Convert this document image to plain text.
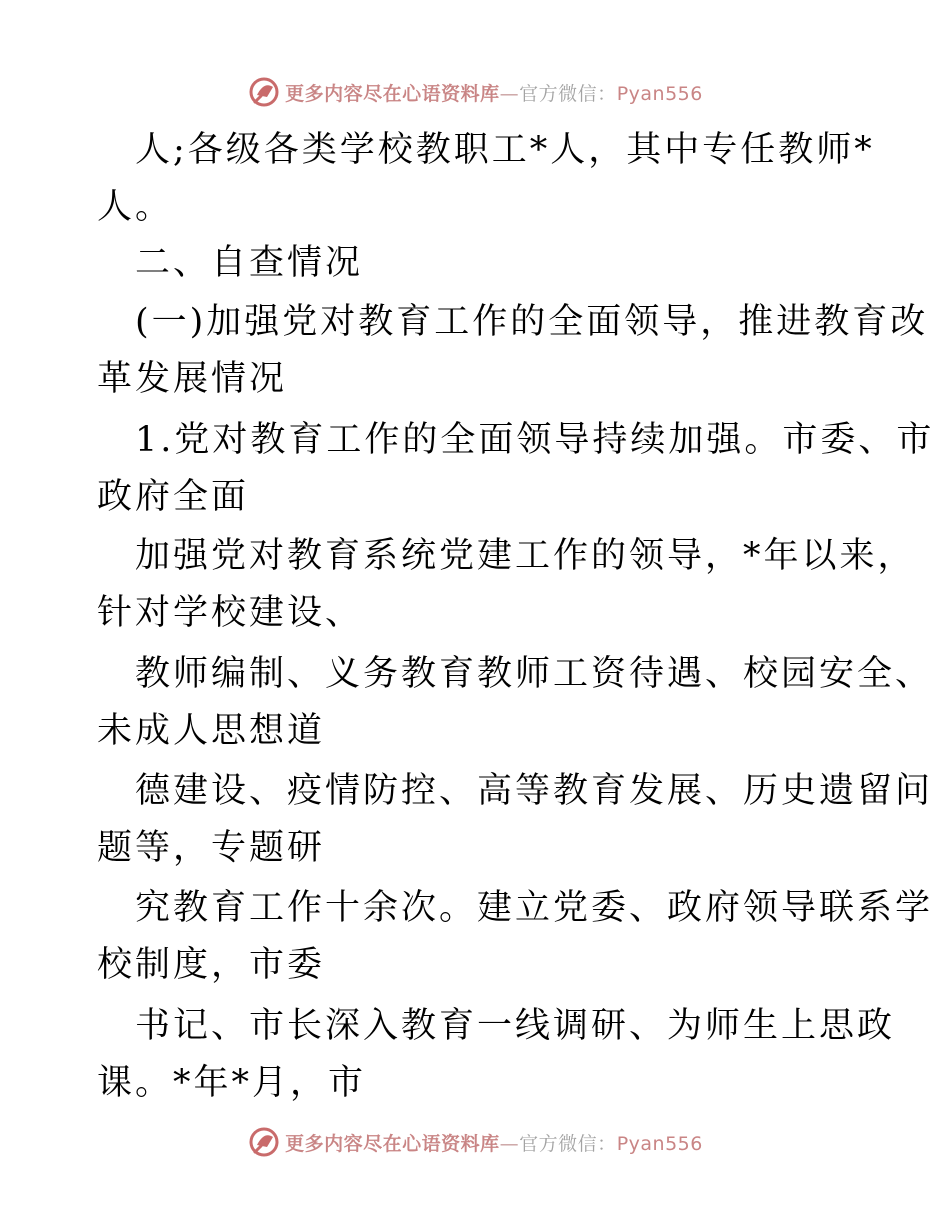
更多内容尽在心语资料库—官方微信：Pyan556
人;各级各类学校教职工*人，其中专任教师*
人。
二、自查情况
(一)加强党对教育工作的全面领导，推进教育改
革发展情况
1.党对教育工作的全面领导持续加强。市委、市
政府全面
加强党对教育系统党建工作的领导，*年以来，
针对学校建设、
教师编制、义务教育教师工资待遇、校园安全、
未成人思想道
德建设、疫情防控、高等教育发展、历史遗留问
题等，专题研
究教育工作十余次。建立党委、政府领导联系学
校制度，市委
书记、市长深入教育一线调研、为师生上思政
课。*年*月，市
更多内容尽在心语资料库—官方微信：Pyan556
